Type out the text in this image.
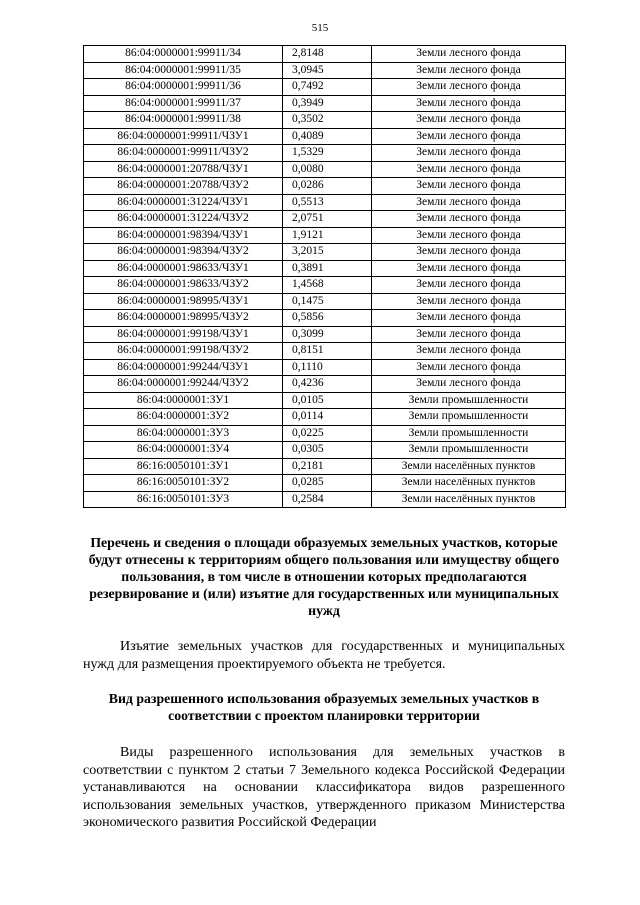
515
86:04:0000001:99911/34	2,8148	Земли лесного фонда
86:04:0000001:99911/35	3,0945	Земли лесного фонда
86:04:0000001:99911/36	0,7492	Земли лесного фонда
86:04:0000001:99911/37	0,3949	Земли лесного фонда
86:04:0000001:99911/38	0,3502	Земли лесного фонда
86:04:0000001:99911/ЧЗУ1	0,4089	Земли лесного фонда
86:04:0000001:99911/ЧЗУ2	1,5329	Земли лесного фонда
86:04:0000001:20788/ЧЗУ1	0,0080	Земли лесного фонда
86:04:0000001:20788/ЧЗУ2	0,0286	Земли лесного фонда
86:04:0000001:31224/ЧЗУ1	0,5513	Земли лесного фонда
86:04:0000001:31224/ЧЗУ2	2,0751	Земли лесного фонда
86:04:0000001:98394/ЧЗУ1	1,9121	Земли лесного фонда
86:04:0000001:98394/ЧЗУ2	3,2015	Земли лесного фонда
86:04:0000001:98633/ЧЗУ1	0,3891	Земли лесного фонда
86:04:0000001:98633/ЧЗУ2	1,4568	Земли лесного фонда
86:04:0000001:98995/ЧЗУ1	0,1475	Земли лесного фонда
86:04:0000001:98995/ЧЗУ2	0,5856	Земли лесного фонда
86:04:0000001:99198/ЧЗУ1	0,3099	Земли лесного фонда
86:04:0000001:99198/ЧЗУ2	0,8151	Земли лесного фонда
86:04:0000001:99244/ЧЗУ1	0,1110	Земли лесного фонда
86:04:0000001:99244/ЧЗУ2	0,4236	Земли лесного фонда
86:04:0000001:ЗУ1	0,0105	Земли промышленности
86:04:0000001:ЗУ2	0,0114	Земли промышленности
86:04:0000001:ЗУ3	0,0225	Земли промышленности
86:04:0000001:ЗУ4	0,0305	Земли промышленности
86:16:0050101:ЗУ1	0,2181	Земли населённых пунктов
86:16:0050101:ЗУ2	0,0285	Земли населённых пунктов
86:16:0050101:ЗУ3	0,2584	Земли населённых пунктов
Перечень и сведения о площади образуемых земельных участков, которые будут отнесены к территориям общего пользования или имуществу общего пользования, в том числе в отношении которых предполагаются резервирование и (или) изъятие для государственных или муниципальных нужд
Изъятие земельных участков для государственных и муниципальных нужд для размещения проектируемого объекта не требуется.
Вид разрешенного использования образуемых земельных участков в соответствии с проектом планировки территории
Виды разрешенного использования для земельных участков в соответствии с пунктом 2 статьи 7 Земельного кодекса Российской Федерации устанавливаются на основании классификатора видов разрешенного использования земельных участков, утвержденного приказом Министерства экономического развития Российской Федерации
